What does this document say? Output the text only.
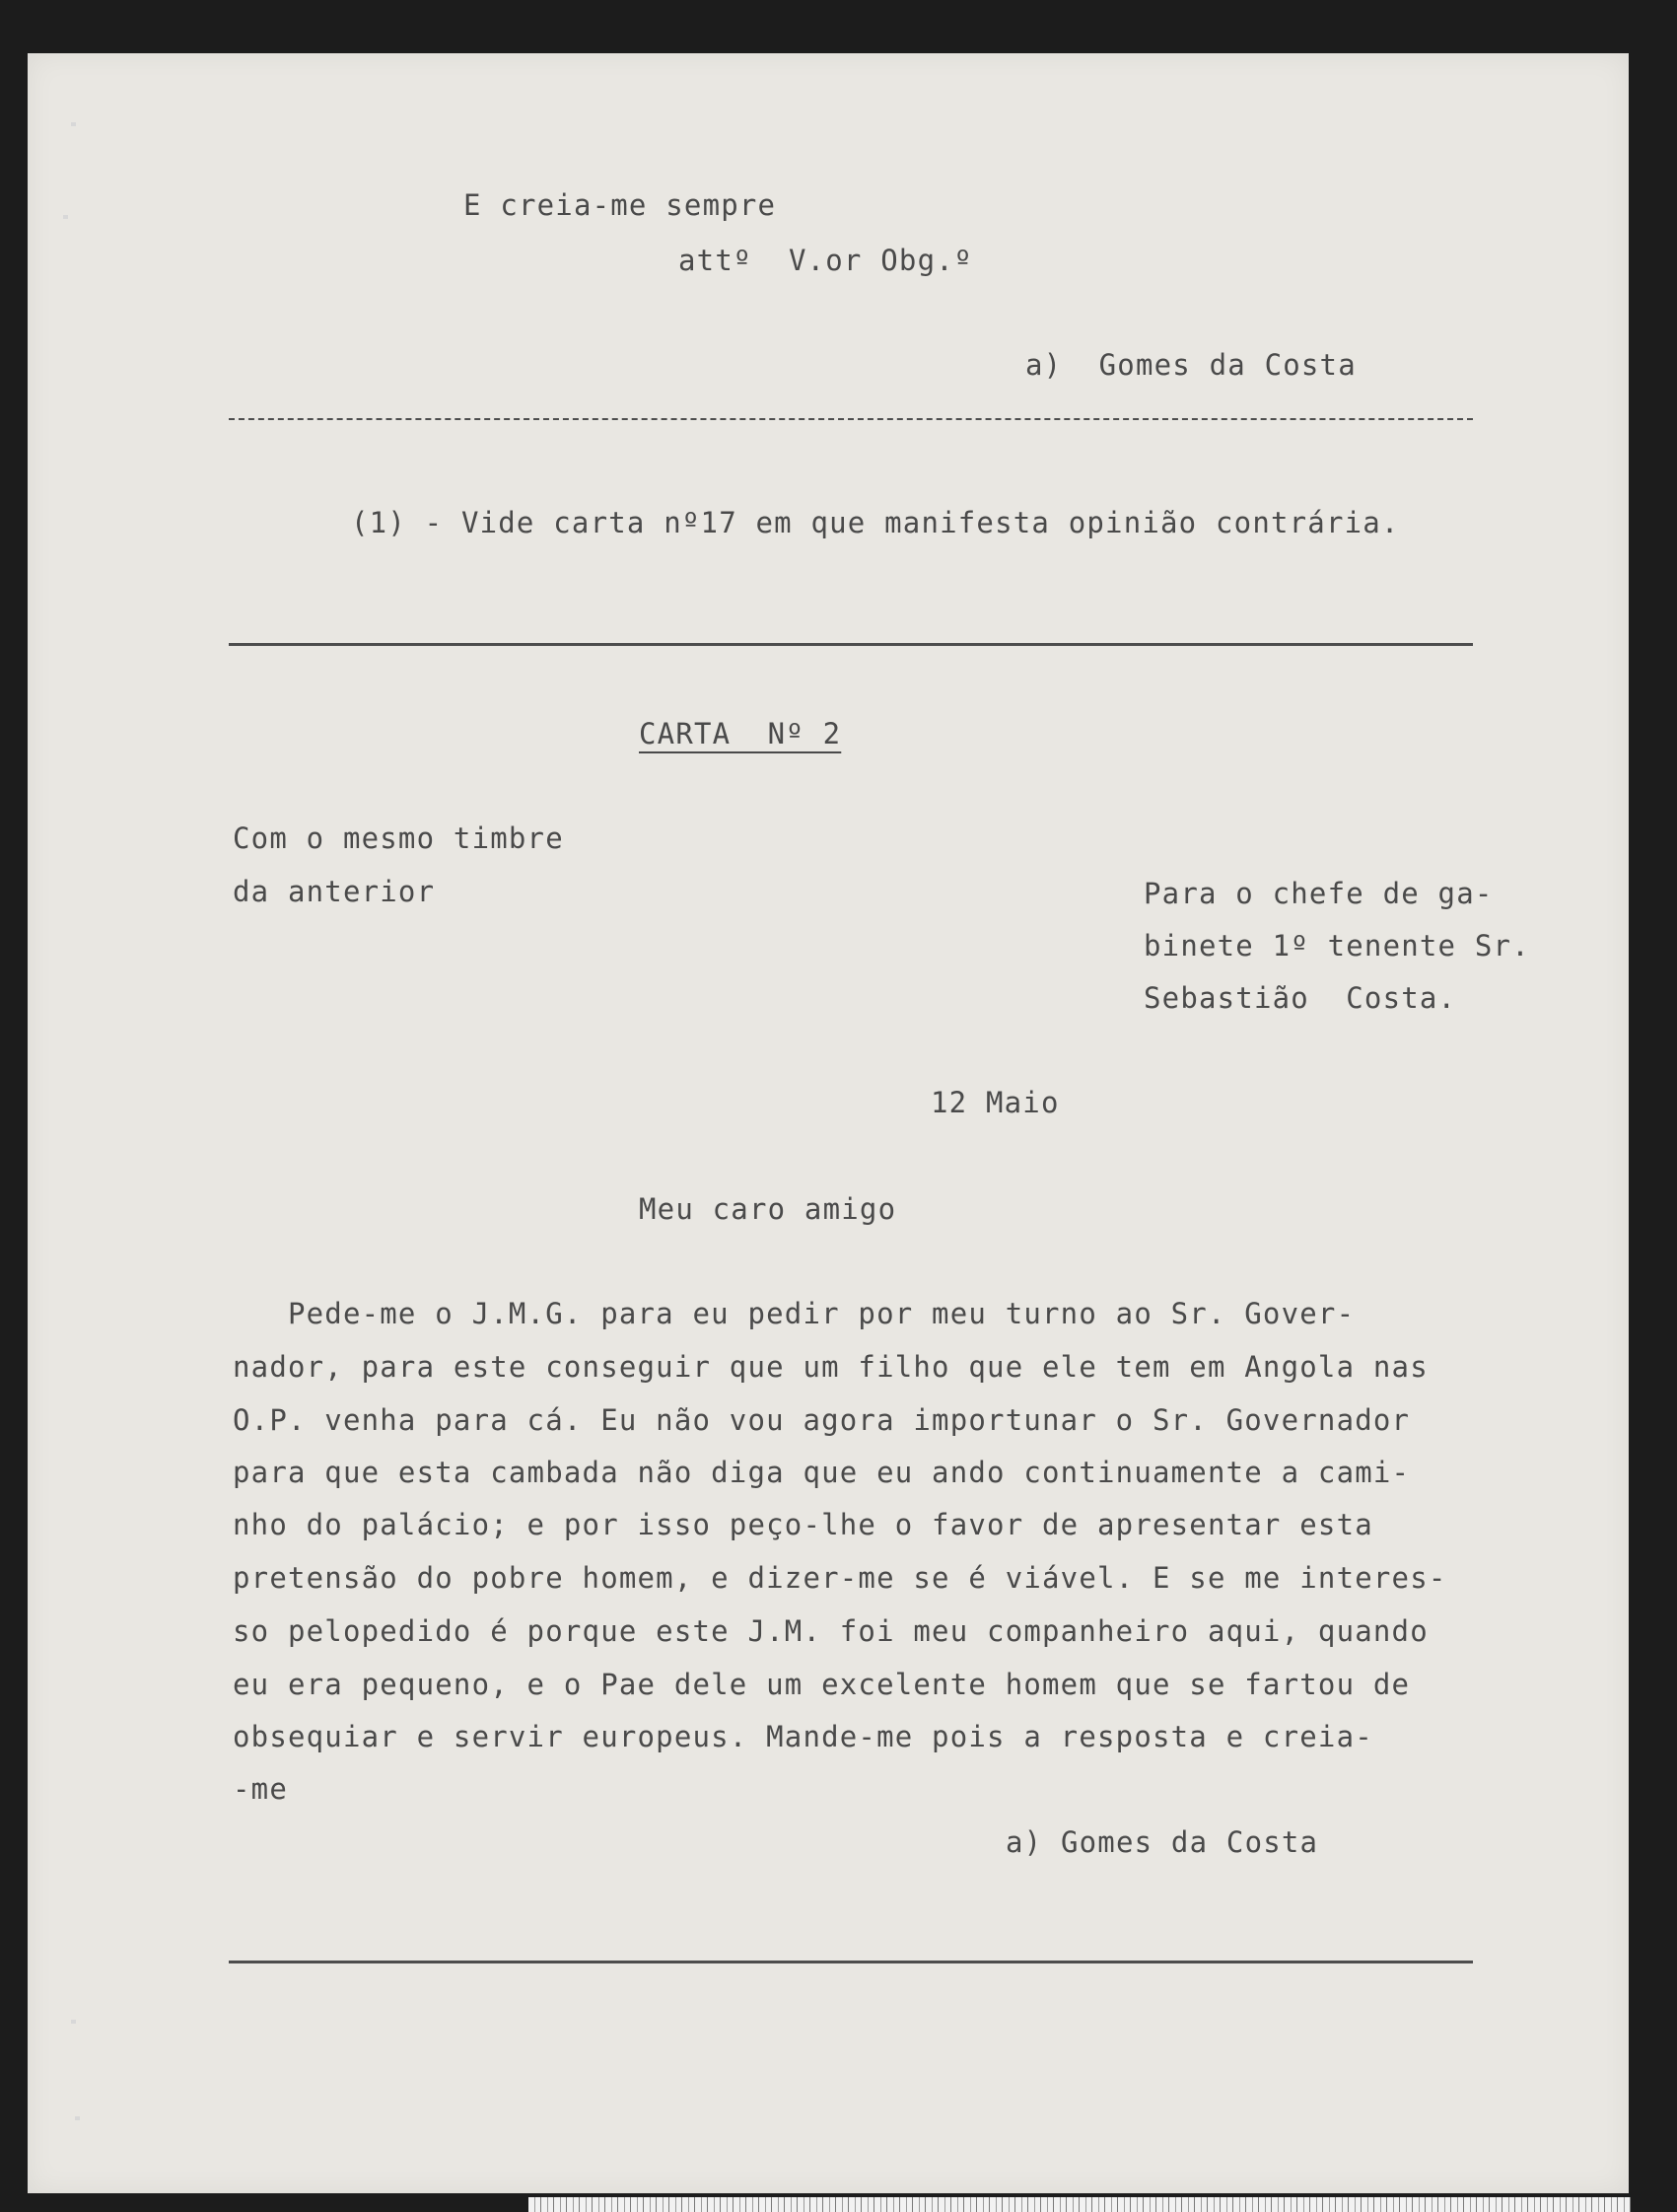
E creia-me sempre
attº  V.or Obg.º
a)  Gomes da Costa
(1) - Vide carta nº17 em que manifesta opinião contrária.
CARTA  Nº 2
Com o mesmo timbre
da anterior	Para o chefe de ga-
binete 1º tenente Sr.
Sebastião  Costa.
12 Maio
Meu caro amigo
Pede-me o J.M.G. para eu pedir por meu turno ao Sr. Gover-
nador, para este conseguir que um filho que ele tem em Angola nas
O.P. venha para cá. Eu não vou agora importunar o Sr. Governador
para que esta cambada não diga que eu ando continuamente a cami-
nho do palácio; e por isso peço-lhe o favor de apresentar esta
pretensão do pobre homem, e dizer-me se é viável. E se me interes-
so pelopedido é porque este J.M. foi meu companheiro aqui, quando
eu era pequeno, e o Pae dele um excelente homem que se fartou de
obsequiar e servir europeus. Mande-me pois a resposta e creia-
-me
a) Gomes da Costa
